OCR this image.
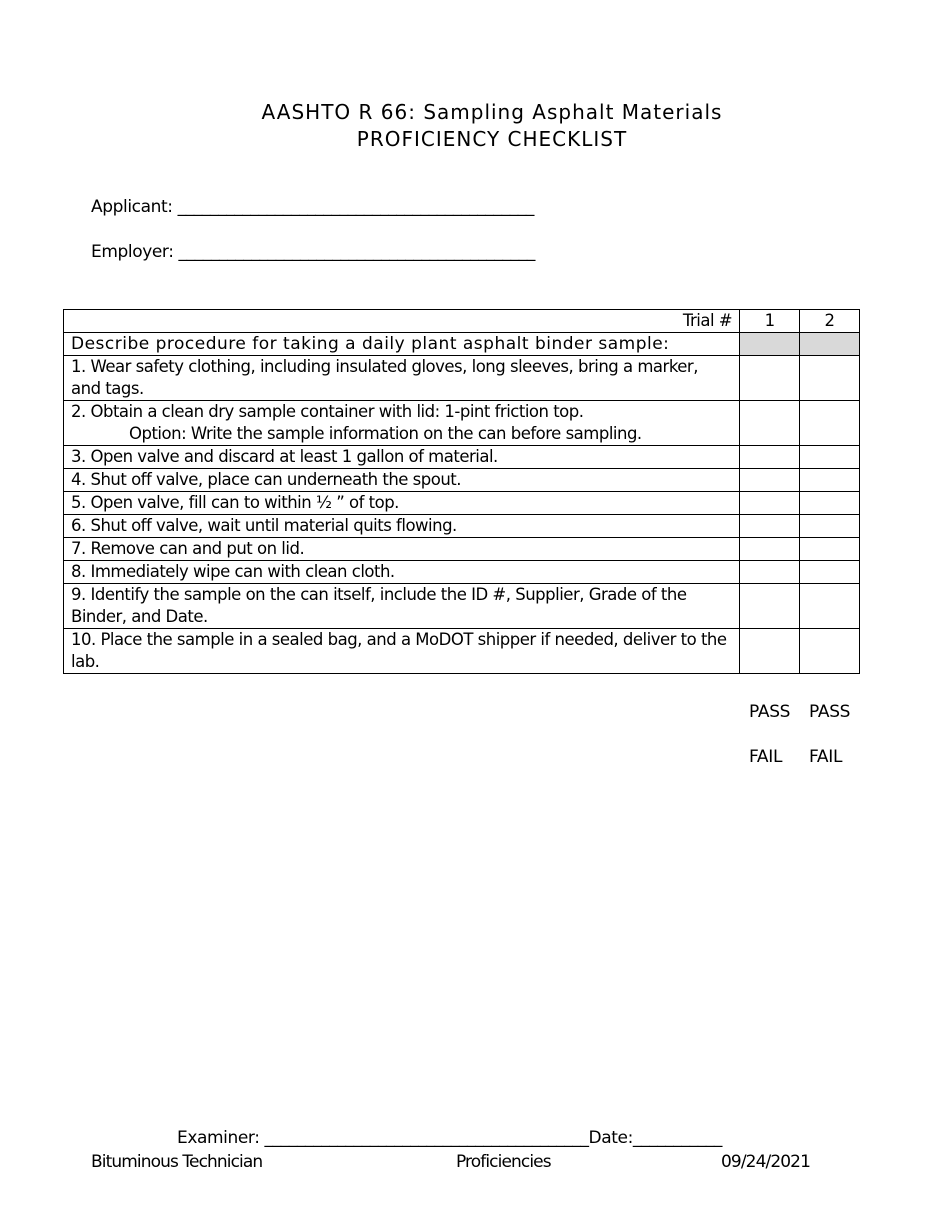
AASHTO R 66: Sampling Asphalt Materials
PROFICIENCY CHECKLIST
Applicant: ____________________________________________
Employer: ____________________________________________
Trial #	1	2
Describe procedure for taking a daily plant asphalt binder sample:		
1. Wear safety clothing, including insulated gloves, long sleeves, bring a marker, and tags.		

2. Obtain a clean dry sample container with lid: 1-pint friction top.
Option: Write the sample information on the can before sampling.		

3. Open valve and discard at least 1 gallon of material.		
4. Shut off valve, place can underneath the spout.		
5. Open valve, fill can to within ½ ” of top.		
6. Shut off valve, wait until material quits flowing.		
7. Remove can and put on lid.		
8. Immediately wipe can with clean cloth.		
9. Identify the sample on the can itself, include the ID #, Supplier, Grade of the Binder, and Date.		
10. Place the sample in a sealed bag, and a MoDOT shipper if needed, deliver to the lab.		
PASS PASS
FAIL FAIL
Examiner: ________________________________________Date:___________
Bituminous Technician	Proficiencies	09/24/2021
